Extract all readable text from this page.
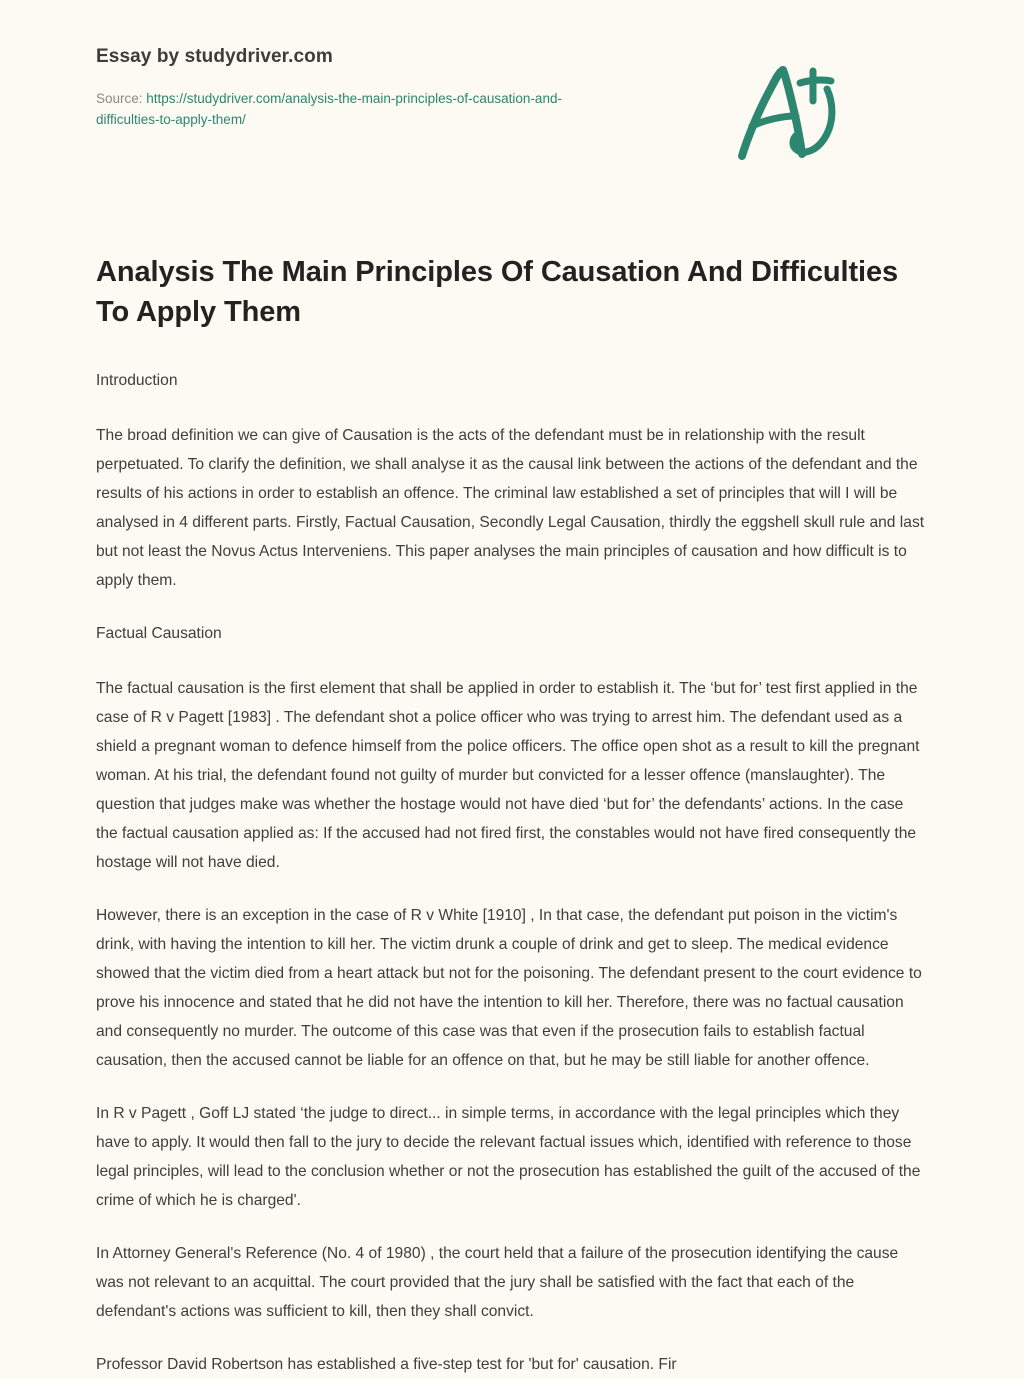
Essay by studydriver.com
Source: https://studydriver.com/analysis-the-main-principles-of-causation-and-difficulties-to-apply-them/
Analysis The Main Principles Of Causation And Difficulties To Apply Them

Introduction

The broad definition we can give of Causation is the acts of the defendant must be in relationship with the result perpetuated. To clarify the definition, we shall analyse it as the causal link between the actions of the defendant and the results of his actions in order to establish an offence. The criminal law established a set of principles that will I will be analysed in 4 different parts. Firstly, Factual Causation, Secondly Legal Causation, thirdly the eggshell skull rule and last but not least the Novus Actus Interveniens. This paper analyses the main principles of causation and how difficult is to apply them.

Factual Causation

The factual causation is the first element that shall be applied in order to establish it. The ‘but for’ test first applied in the case of R v Pagett [1983] . The defendant shot a police officer who was trying to arrest him. The defendant used as a shield a pregnant woman to defence himself from the police officers. The office open shot as a result to kill the pregnant woman. At his trial, the defendant found not guilty of murder but convicted for a lesser offence (manslaughter). The question that judges make was whether the hostage would not have died ‘but for’ the defendants’ actions. In the case the factual causation applied as: If the accused had not fired first, the constables would not have fired consequently the hostage will not have died.

However, there is an exception in the case of R v White [1910] , In that case, the defendant put poison in the victim's drink, with having the intention to kill her. The victim drunk a couple of drink and get to sleep. The medical evidence showed that the victim died from a heart attack but not for the poisoning. The defendant present to the court evidence to prove his innocence and stated that he did not have the intention to kill her. Therefore, there was no factual causation and consequently no murder. The outcome of this case was that even if the prosecution fails to establish factual causation, then the accused cannot be liable for an offence on that, but he may be still liable for another offence.

In R v Pagett , Goff LJ stated ‘the judge to direct... in simple terms, in accordance with the legal principles which they have to apply. It would then fall to the jury to decide the relevant factual issues which, identified with reference to those legal principles, will lead to the conclusion whether or not the prosecution has established the guilt of the accused of the crime of which he is charged'.

In Attorney General's Reference (No. 4 of 1980) , the court held that a failure of the prosecution identifying the cause was not relevant to an acquittal. The court provided that the jury shall be satisfied with the fact that each of the defendant's actions was sufficient to kill, then they shall convict.

Professor David Robertson has established a five-step test for 'but for' causation. Fir
